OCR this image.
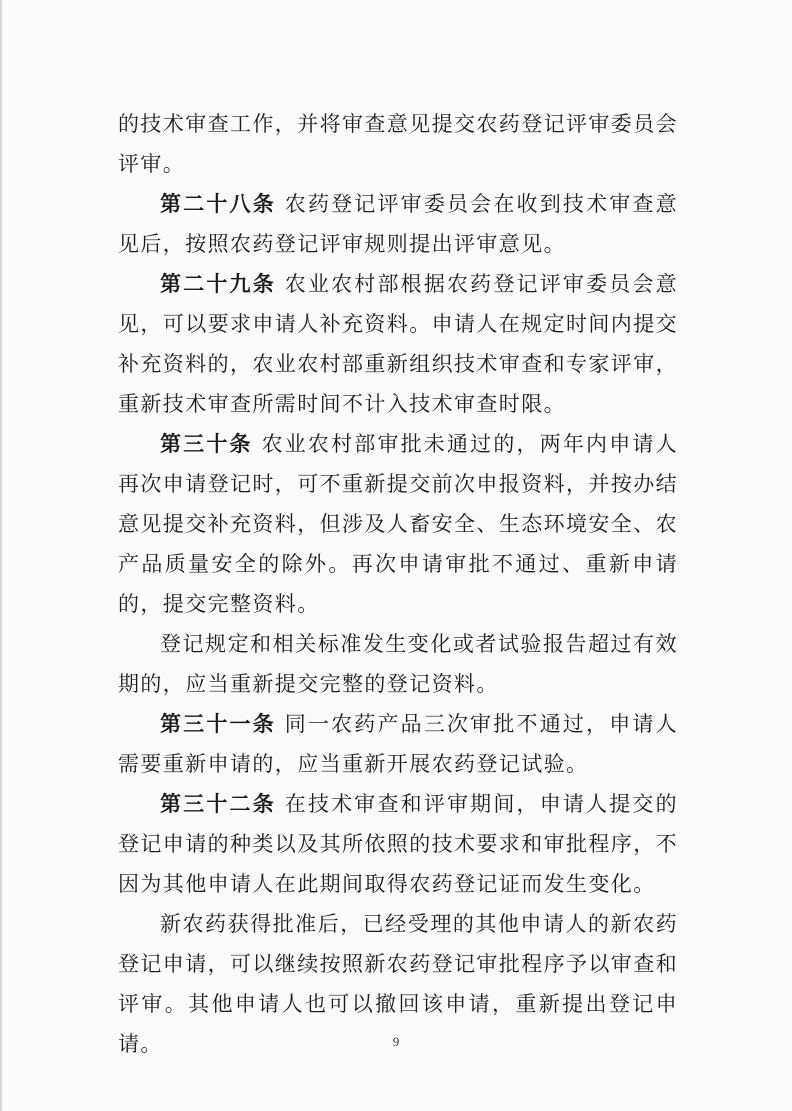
的技术审查工作，并将审查意见提交农药登记评审委员会评审。

第二十八条 农药登记评审委员会在收到技术审查意见后，按照农药登记评审规则提出评审意见。

第二十九条 农业农村部根据农药登记评审委员会意见，可以要求申请人补充资料。申请人在规定时间内提交补充资料的，农业农村部重新组织技术审查和专家评审，重新技术审查所需时间不计入技术审查时限。

第三十条 农业农村部审批未通过的，两年内申请人再次申请登记时，可不重新提交前次申报资料，并按办结意见提交补充资料，但涉及人畜安全、生态环境安全、农产品质量安全的除外。再次申请审批不通过、重新申请的，提交完整资料。

登记规定和相关标准发生变化或者试验报告超过有效期的，应当重新提交完整的登记资料。

第三十一条 同一农药产品三次审批不通过，申请人需要重新申请的，应当重新开展农药登记试验。

第三十二条 在技术审查和评审期间，申请人提交的登记申请的种类以及其所依照的技术要求和审批程序，不因为其他申请人在此期间取得农药登记证而发生变化。

新农药获得批准后，已经受理的其他申请人的新农药登记申请，可以继续按照新农药登记审批程序予以审查和评审。其他申请人也可以撤回该申请，重新提出登记申请。	9
